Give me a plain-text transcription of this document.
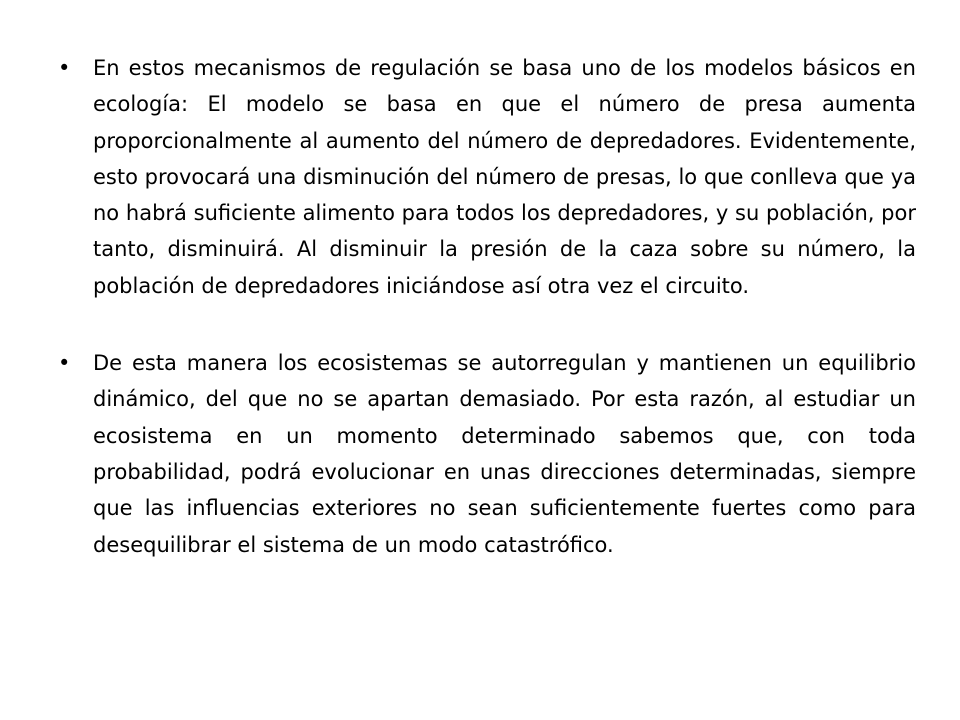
• En estos mecanismos de regulación se basa uno de los modelos básicos en ecología: El modelo se basa en que el número de presa aumenta proporcionalmente al aumento del número de depredadores. Evidentemente, esto provocará una disminución del número de presas, lo que conlleva que ya no habrá suficiente alimento para todos los depredadores, y su población, por tanto, disminuirá. Al disminuir la presión de la caza sobre su número, la población de depredadores iniciándose así otra vez el circuito.
• De esta manera los ecosistemas se autorregulan y mantienen un equilibrio dinámico, del que no se apartan demasiado. Por esta razón, al estudiar un ecosistema en un momento determinado sabemos que, con toda probabilidad, podrá evolucionar en unas direcciones determinadas, siempre que las influencias exteriores no sean suficientemente fuertes como para desequilibrar el sistema de un modo catastrófico.
